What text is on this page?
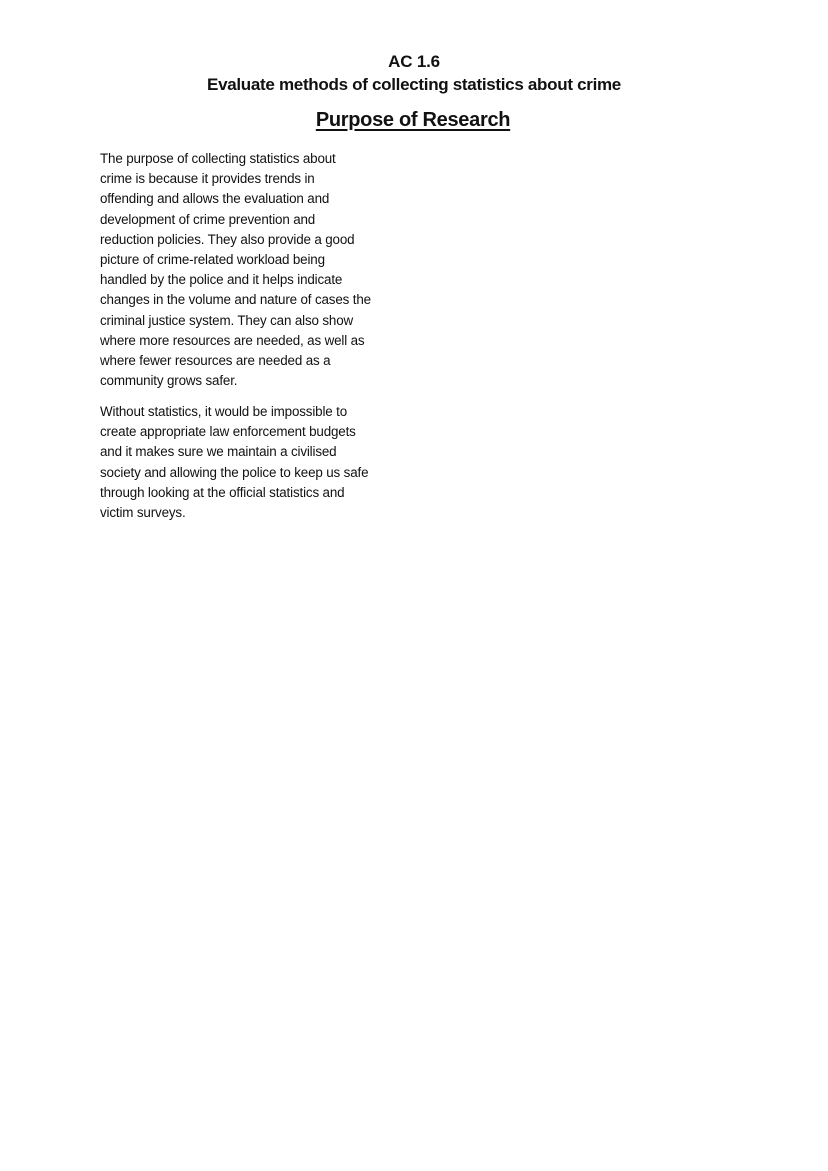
AC 1.6
Evaluate methods of collecting statistics about crime
Purpose of Research
The purpose of collecting statistics about
crime is because it provides trends in
offending and allows the evaluation and
development of crime prevention and
reduction policies. They also provide a good
picture of crime-related workload being
handled by the police and it helps indicate
changes in the volume and nature of cases the
criminal justice system. They can also show
where more resources are needed, as well as
where fewer resources are needed as a
community grows safer.
Without statistics, it would be impossible to
create appropriate law enforcement budgets
and it makes sure we maintain a civilised
society and allowing the police to keep us safe
through looking at the official statistics and
victim surveys.
